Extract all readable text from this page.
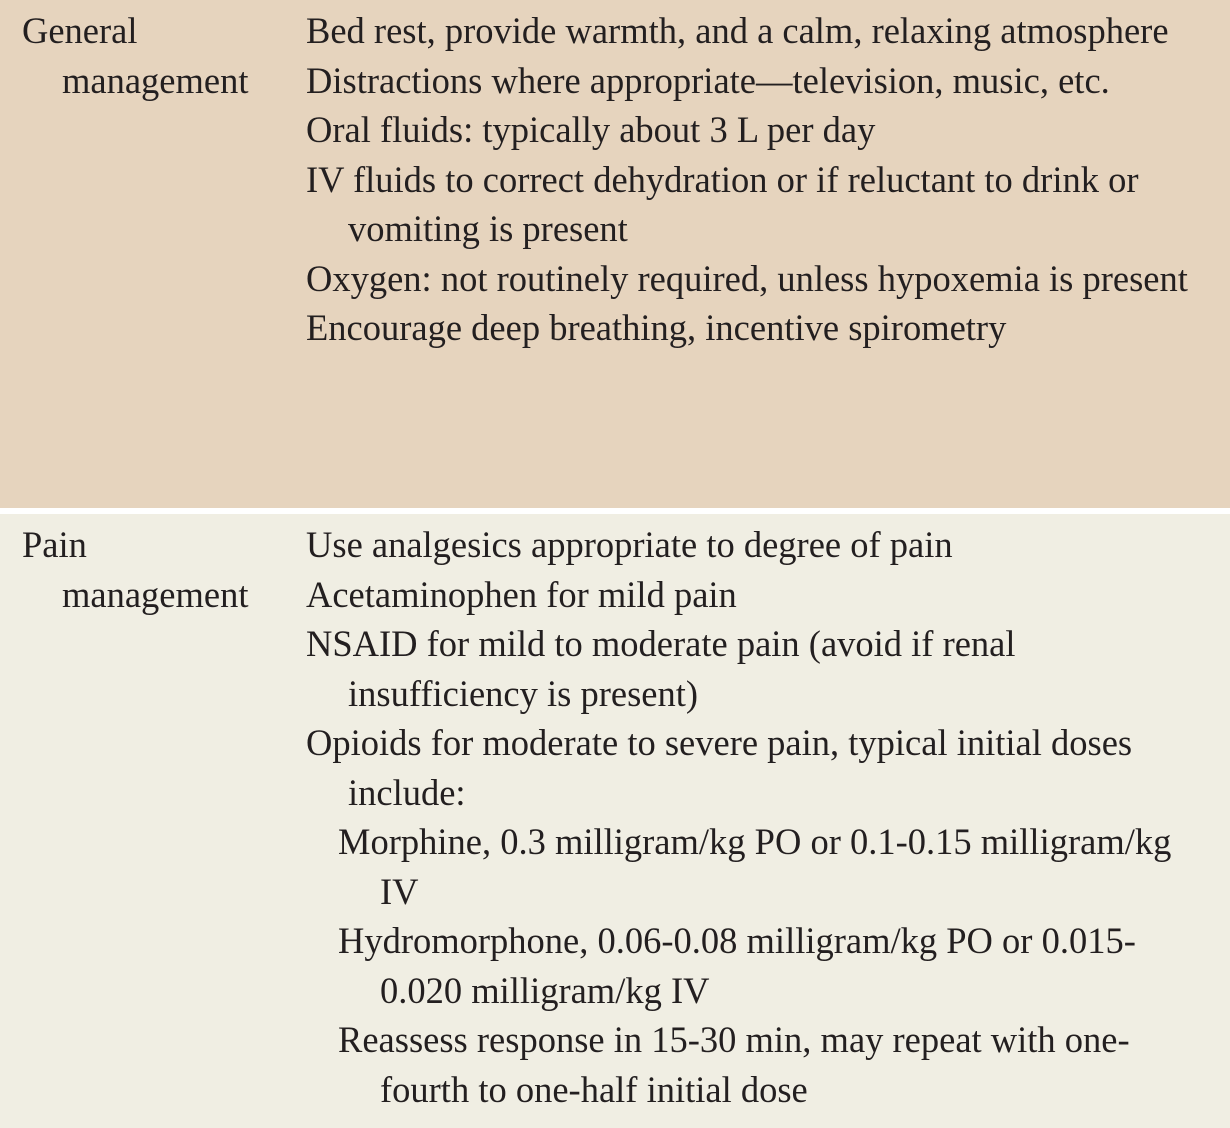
General
management
Bed rest, provide warmth, and a calm, relaxing atmosphere
Distractions where appropriate—television, music, etc.
Oral fluids: typically about 3 L per day
IV fluids to correct dehydration or if reluctant to drink or vomiting is present
Oxygen: not routinely required, unless hypoxemia is present
Encourage deep breathing, incentive spirometry
Pain
management
Use analgesics appropriate to degree of pain
Acetaminophen for mild pain
NSAID for mild to moderate pain (avoid if renal insufficiency is present)
Opioids for moderate to severe pain, typical initial doses include:
Morphine, 0.3 milligram/kg PO or 0.1-0.15 milligram/kg IV
Hydromorphone, 0.06-0.08 milligram/kg PO or 0.015-0.020 milligram/kg IV
Reassess response in 15-30 min, may repeat with one-fourth to one-half initial dose
